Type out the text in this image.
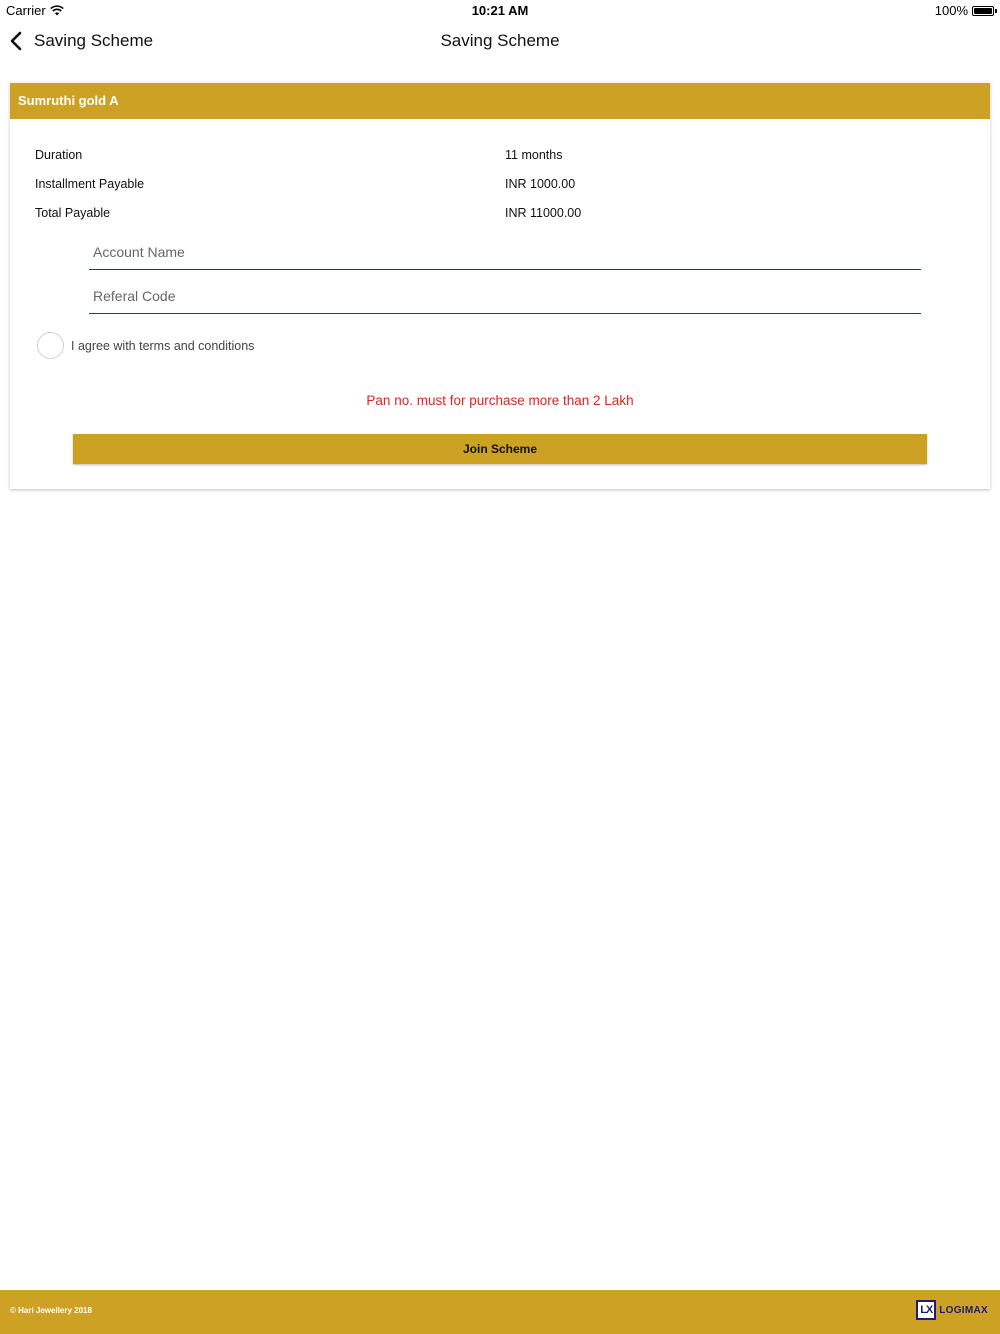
Carrier	10:21 AM	100%
Saving Scheme	Saving Scheme
Sumruthi gold A
Duration	11 months
Installment Payable	INR 1000.00
Total Payable	INR 11000.00
Account Name
Referal Code
I agree with terms and conditions
Pan no. must for purchase more than 2 Lakh
Join Scheme
© Hari Jewellery 2018	LX LOGIMAX
